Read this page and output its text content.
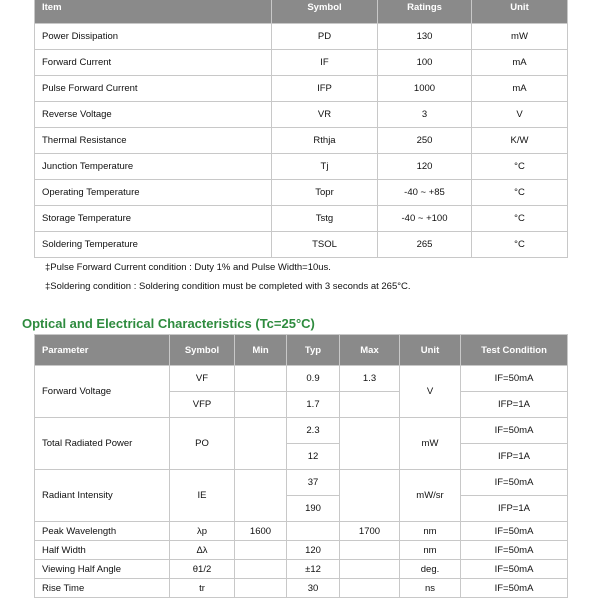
Item	Symbol	Ratings	Unit
Power Dissipation	PD	130	mW
Forward Current	IF	100	mA
Pulse Forward Current	IFP	1000	mA
Reverse Voltage	VR	3	V
Thermal Resistance	Rthja	250	K/W
Junction Temperature	Tj	120	°C
Operating Temperature	Topr	-40 ~ +85	°C
Storage Temperature	Tstg	-40 ~ +100	°C
Soldering Temperature	TSOL	265	°C
‡Pulse Forward Current condition : Duty 1% and Pulse Width=10us.
‡Soldering condition : Soldering condition must be completed with 3 seconds at 265°C.
Optical and Electrical Characteristics (Tc=25°C)
Parameter	Symbol	Min	Typ	Max	Unit	Test Condition
Forward Voltage	VF		0.9	1.3	V	IF=50mA
	VFP		1.7			IFP=1A
Total Radiated Power	PO		2.3		mW	IF=50mA
			12			IFP=1A
Radiant Intensity	IE		37		mW/sr	IF=50mA
			190			IFP=1A
Peak Wavelength	λp	1600		1700	nm	IF=50mA
Half Width	Δλ		120		nm	IF=50mA
Viewing Half Angle	θ1/2		±12		deg.	IF=50mA
Rise Time	tr		30		ns	IF=50mA
